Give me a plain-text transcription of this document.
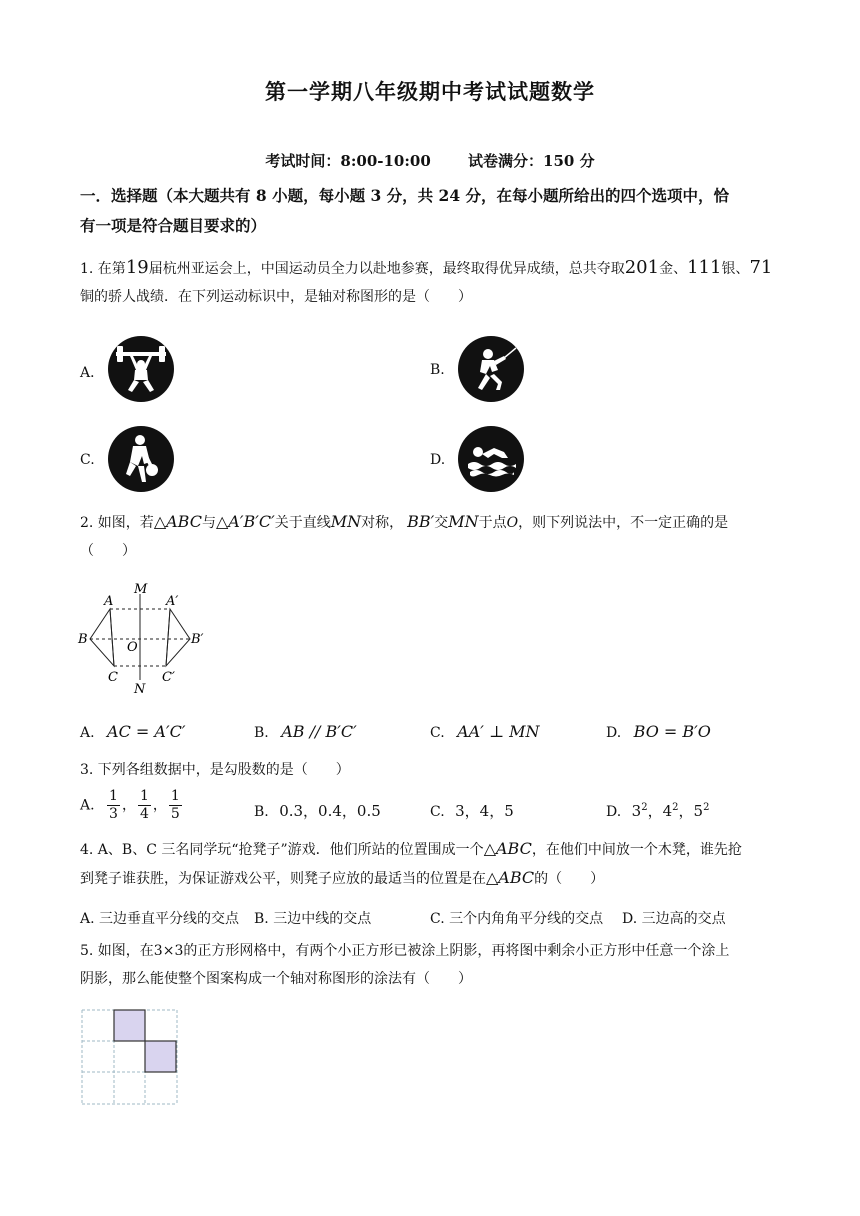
第一学期八年级期中考试试题数学
考试时间：8:00-10:00 试卷满分：150 分
一．选择题（本大题共有 8 小题，每小题 3 分，共 24 分，在每小题所给出的四个选项中，恰
有一项是符合题目要求的）
1. 在第19届杭州亚运会上，中国运动员全力以赴地参赛，最终取得优异成绩，总共夺取201金、111银、71
铜的骄人战绩．在下列运动标识中，是轴对称图形的是（　　）
A．	B.
C.	D.
2. 如图，若△ABC与△A′B′C′关于直线MN对称， BB′交MN于点O，则下列说法中，不一定正确的是
（　　）
M
N
A	A′
B	B′
O
C	C′
A. AC = A′C′	B. AB // B′C′	C. AA′ ⊥ MN	D. BO = B′O
3. 下列各组数据中，是勾股数的是（　　）
A. $\frac{1}{3}$ ， $\frac{1}{4}$ ， $\frac{1}{5}$	B. 0.3，0.4，0.5	C. 3，4，5	D. $3^2$，$4^2$，$5^2$
4. A、B、C 三名同学玩“抢凳子”游戏．他们所站的位置围成一个△ABC，在他们中间放一个木凳，谁先抢
到凳子谁获胜，为保证游戏公平，则凳子应放的最适当的位置是在△ABC的（　　）
A. 三边垂直平分线的交点 B. 三边中线的交点	C. 三个内角角平分线的交点 D. 三边高的交点
5. 如图，在3×3的正方形网格中，有两个小正方形已被涂上阴影，再将图中剩余小正方形中任意一个涂上
阴影，那么能使整个图案构成一个轴对称图形的涂法有（　　）
